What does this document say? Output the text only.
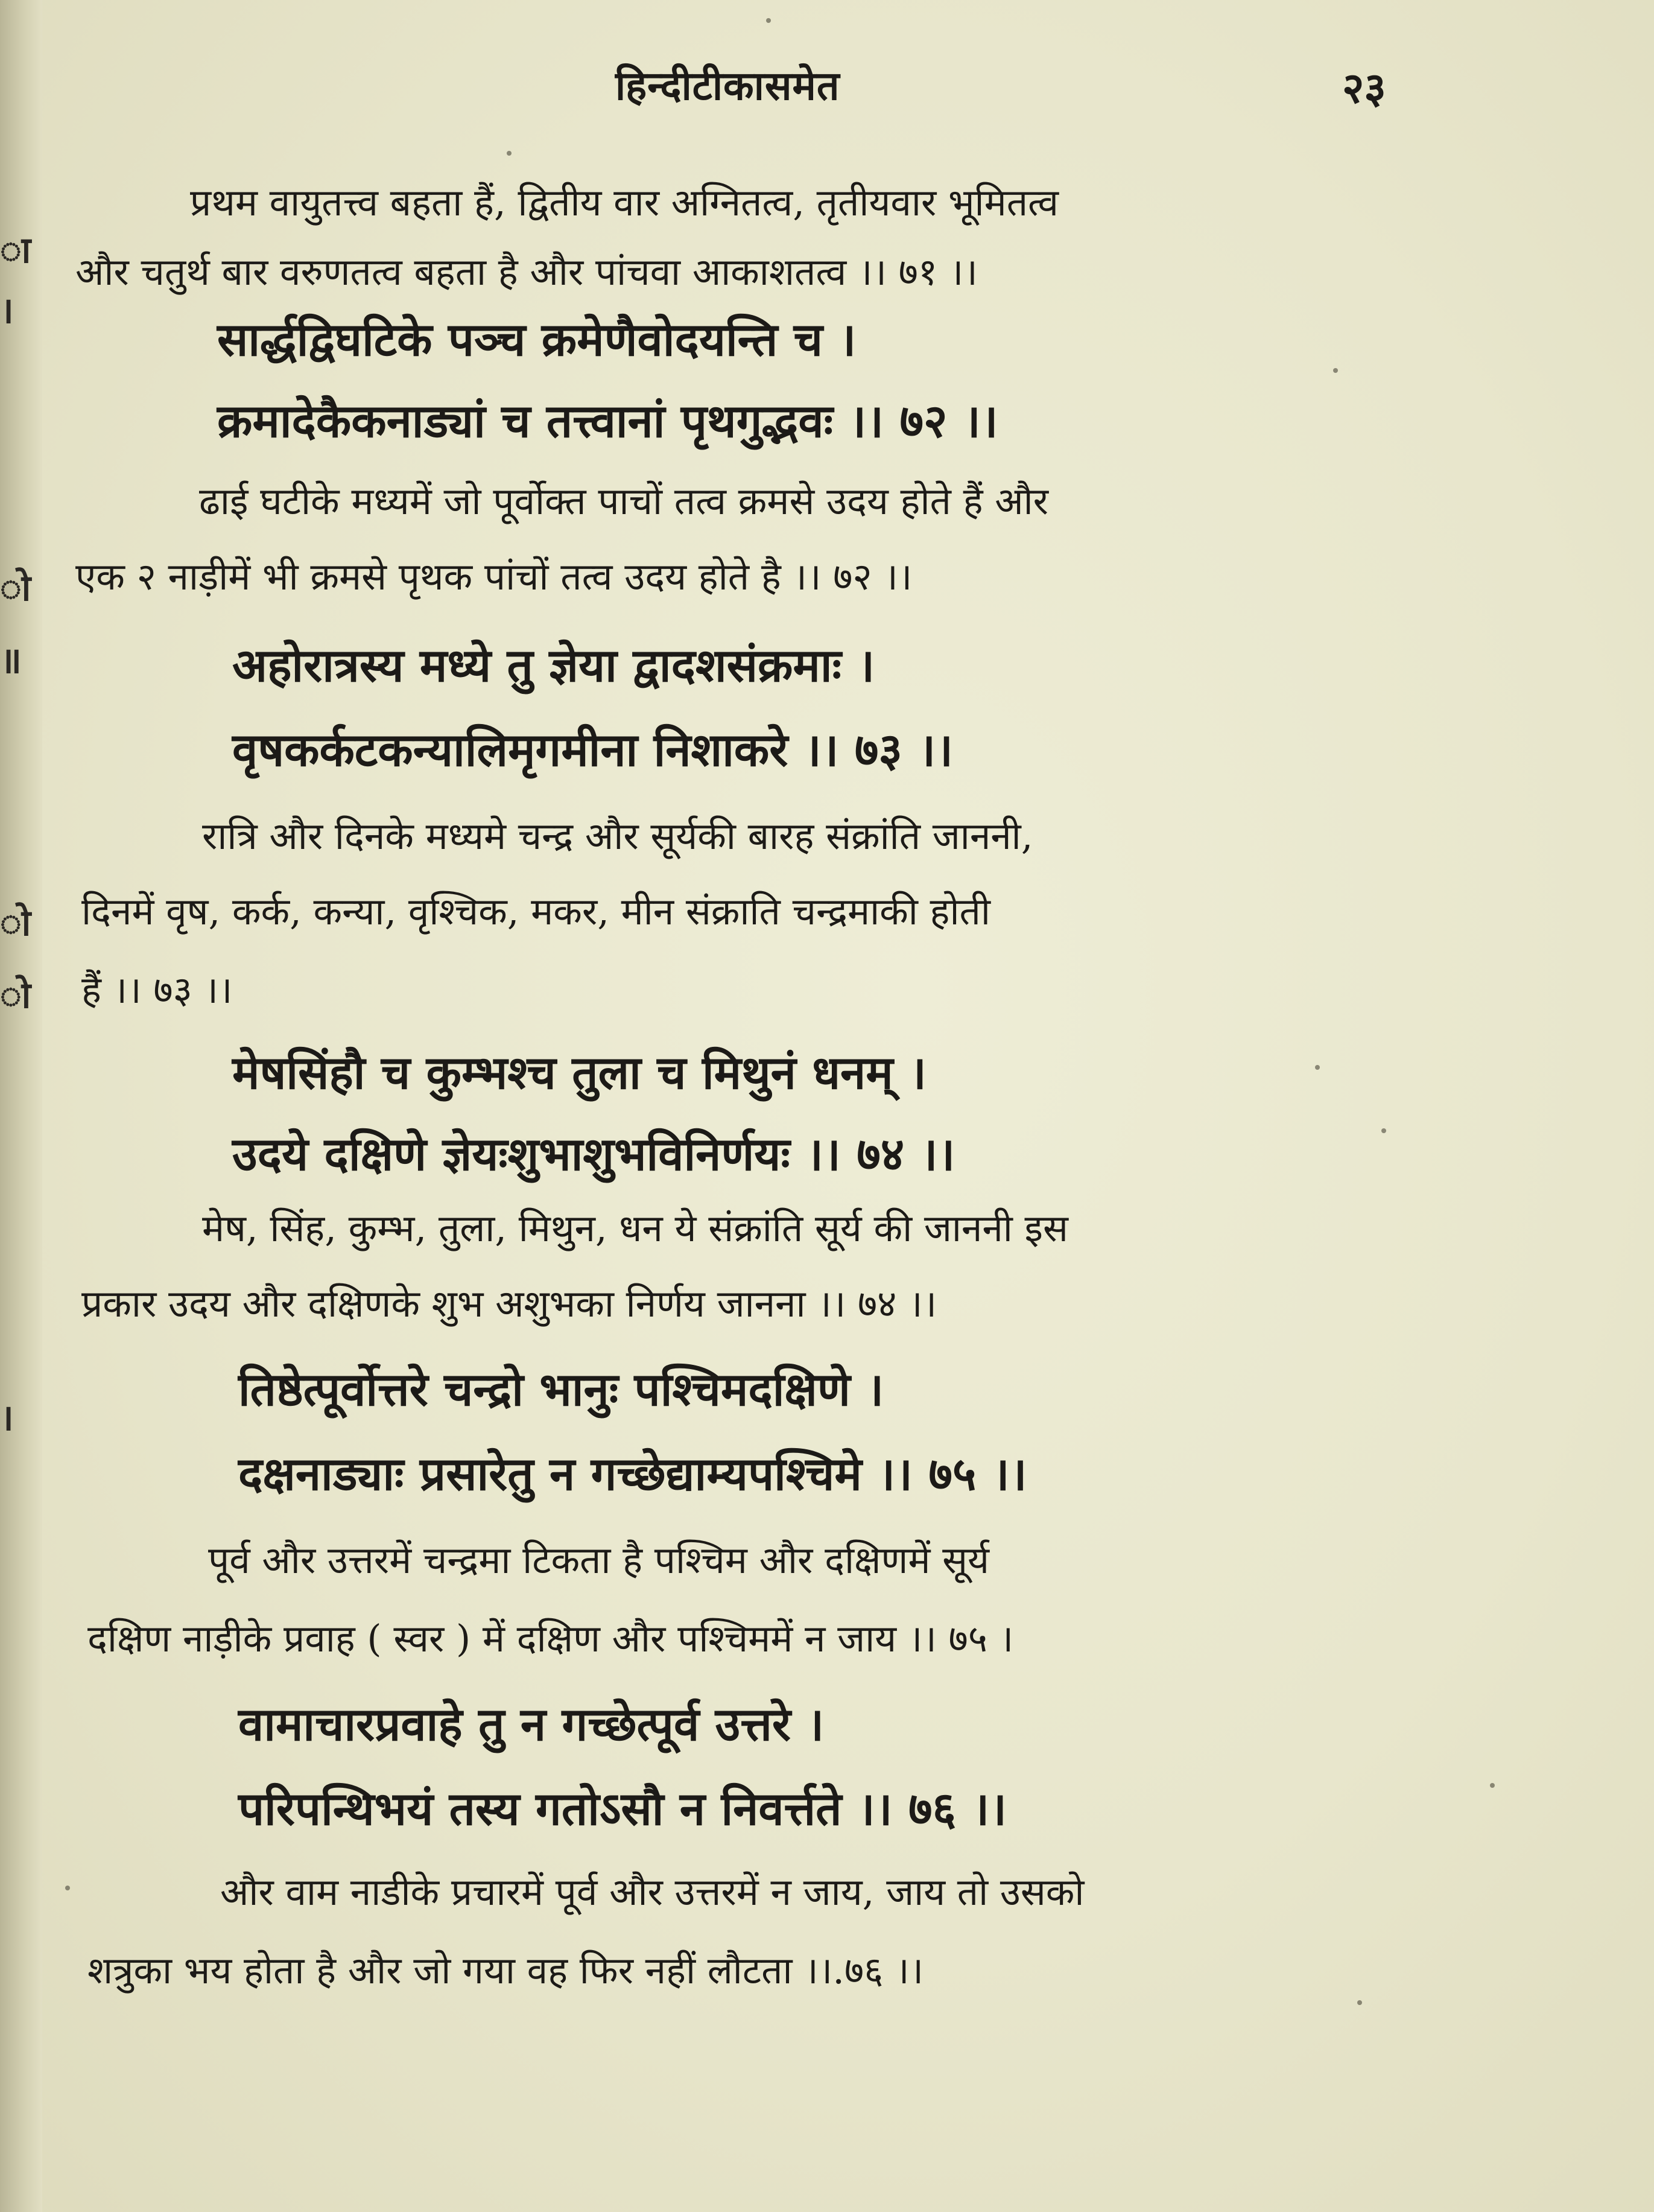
ा
।
ो
॥
ो
ो
।
हिन्दीटीकासमेत	२३
प्रथम वायुतत्त्व बहता हैं, द्वितीय वार अग्नितत्व, तृतीयवार भूमितत्व
और चतुर्थ बार वरुणतत्व बहता है और पांचवा आकाशतत्व ।। ७१ ।।
सार्द्धद्विघटिके पञ्च क्रमेणैवोदयन्ति च ।
क्रमादेकैकनाड्यां च तत्त्वानां पृथगुद्भवः ।। ७२ ।।
ढाई घटीके मध्यमें जो पूर्वोक्त पाचों तत्व क्रमसे उदय होते हैं और
एक २ नाड़ीमें भी क्रमसे पृथक पांचों तत्व उदय होते है ।। ७२ ।।
अहोरात्रस्य मध्ये तु ज्ञेया द्वादशसंक्रमाः ।
वृषकर्कटकन्यालिमृगमीना निशाकरे ।। ७३ ।।
रात्रि और दिनके मध्यमे चन्द्र और सूर्यकी बारह संक्रांति जाननी,
दिनमें वृष, कर्क, कन्या, वृश्चिक, मकर, मीन संक्राति चन्द्रमाकी होती
हैं ।। ७३ ।।
मेषसिंहौ च कुम्भश्च तुला च मिथुनं धनम् ।
उदये दक्षिणे ज्ञेयःशुभाशुभविनिर्णयः ।। ७४ ।।
मेष, सिंह, कुम्भ, तुला, मिथुन, धन ये संक्रांति सूर्य की जाननी इस
प्रकार उदय और दक्षिणके शुभ अशुभका निर्णय जानना ।। ७४ ।।
तिष्ठेत्पूर्वोत्तरे चन्द्रो भानुः पश्चिमदक्षिणे ।
दक्षनाड्याः प्रसारेतु न गच्छेद्याम्यपश्चिमे ।। ७५ ।।
पूर्व और उत्तरमें चन्द्रमा टिकता है पश्चिम और दक्षिणमें सूर्य
दक्षिण नाड़ीके प्रवाह ( स्वर ) में दक्षिण और पश्चिममें न जाय ।। ७५ ।
वामाचारप्रवाहे तु न गच्छेत्पूर्व उत्तरे ।
परिपन्थिभयं तस्य गतोऽसौ न निवर्त्तते ।। ७६ ।।
और वाम नाडीके प्रचारमें पूर्व और उत्तरमें न जाय, जाय तो उसको
शत्रुका भय होता है और जो गया वह फिर नहीं लौटता ।।.७६ ।।
